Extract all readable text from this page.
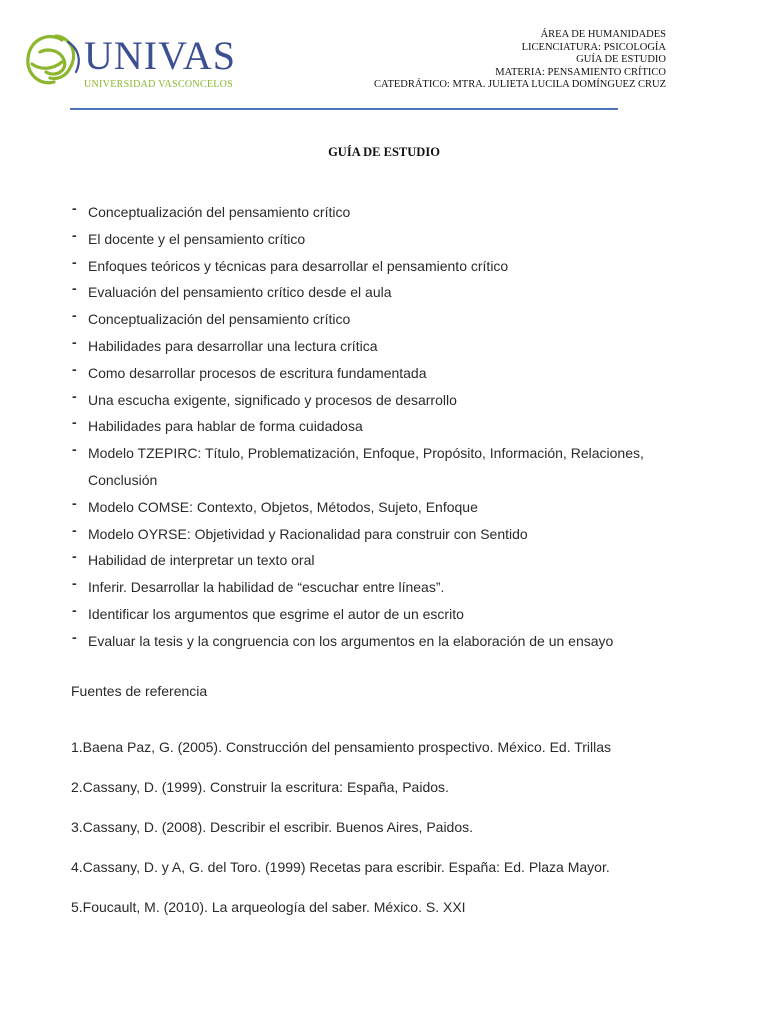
UNIVAS
UNIVERSIDAD VASCONCELOS
ÁREA DE HUMANIDADES
LICENCIATURA: PSICOLOGÍA
GUÍA DE ESTUDIO
MATERIA: PENSAMIENTO CRÍTICO
CATEDRÁTICO: MTRA. JULIETA LUCILA DOMÍNGUEZ CRUZ
GUÍA DE ESTUDIO
- Conceptualización del pensamiento crítico
- El docente y el pensamiento crítico
- Enfoques teóricos y técnicas para desarrollar el pensamiento crítico
- Evaluación del pensamiento crítico desde el aula
- Conceptualización del pensamiento crítico
- Habilidades para desarrollar una lectura crítica
- Como desarrollar procesos de escritura fundamentada
- Una escucha exigente, significado y procesos de desarrollo
- Habilidades para hablar de forma cuidadosa
- Modelo TZEPIRC: Título, Problematización, Enfoque, Propósito, Información, Relaciones, Conclusión
- Modelo COMSE: Contexto, Objetos, Métodos, Sujeto, Enfoque
- Modelo OYRSE: Objetividad y Racionalidad para construir con Sentido
- Habilidad de interpretar un texto oral
- Inferir. Desarrollar la habilidad de “escuchar entre líneas”.
- Identificar los argumentos que esgrime el autor de un escrito
- Evaluar la tesis y la congruencia con los argumentos en la elaboración de un ensayo
Fuentes de referencia
1.Baena Paz, G. (2005). Construcción del pensamiento prospectivo. México. Ed. Trillas
2.Cassany, D. (1999). Construir la escritura: España, Paidos.
3.Cassany, D. (2008). Describir el escribir. Buenos Aires, Paidos.
4.Cassany, D. y A, G. del Toro. (1999) Recetas para escribir. España: Ed. Plaza Mayor.
5.Foucault, M. (2010). La arqueología del saber. México. S. XXI
